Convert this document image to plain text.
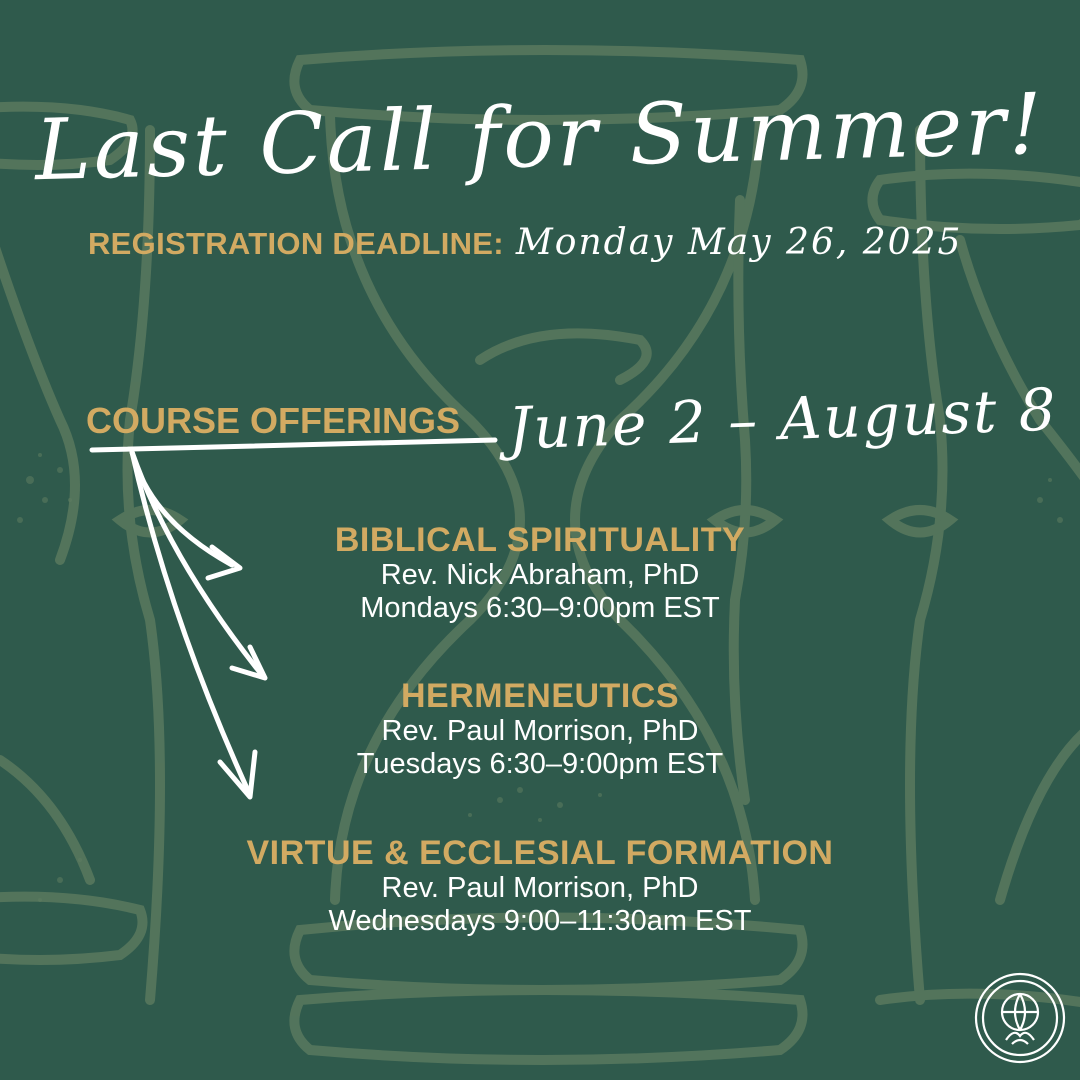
Last Call for Summer!
REGISTRATION DEADLINE: Monday May 26, 2025
COURSE OFFERINGS June 2 – August 8
BIBLICAL SPIRITUALITY
Rev. Nick Abraham, PhD
Mondays 6:30–9:00pm EST
HERMENEUTICS
Rev. Paul Morrison, PhD
Tuesdays 6:30–9:00pm EST
VIRTUE & ECCLESIAL FORMATION
Rev. Paul Morrison, PhD
Wednesdays 9:00–11:30am EST
